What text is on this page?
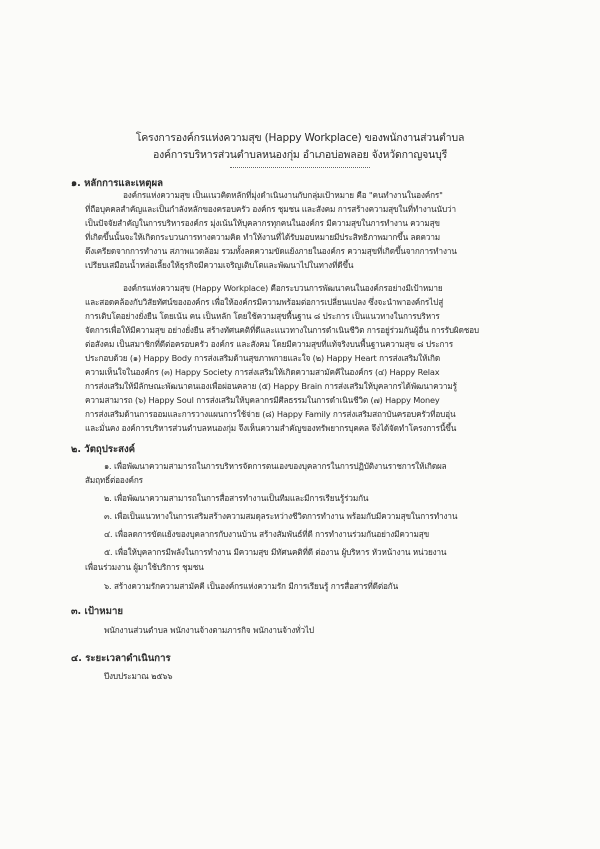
โครงการองค์กรแห่งความสุข (Happy Workplace) ของพนักงานส่วนตำบล
องค์การบริหารส่วนตำบลหนองกุ่ม อำเภอบ่อพลอย จังหวัดกาญจนบุรี
๑. หลักการและเหตุผล
องค์กรแห่งความสุข เป็นแนวคิดหลักที่มุ่งดำเนินงานกับกลุ่มเป้าหมาย คือ "คนทำงานในองค์กร"
ที่ถือบุคคลสำคัญและเป็นกำลังหลักของครอบครัว องค์กร ชุมชน และสังคม การสร้างความสุขในที่ทำงานนับว่า
เป็นปัจจัยสำคัญในการบริหารองค์กร มุ่งเน้นให้บุคลากรทุกคนในองค์กร มีความสุขในการทำงาน ความสุข
ที่เกิดขึ้นนั้นจะให้เกิดกระบวนการทางความคิด ทำให้งานที่ได้รับมอบหมายมีประสิทธิภาพมากขึ้น ลดความ
ตึงเครียดจากการทำงาน สภาพแวดล้อม รวมทั้งลดความขัดแย้งภายในองค์กร ความสุขที่เกิดขึ้นจากการทำงาน
เปรียบเสมือนน้ำหล่อเลี้ยงให้ธุรกิจมีความเจริญเติบโตและพัฒนาไปในทางที่ดีขึ้น
องค์กรแห่งความสุข (Happy Workplace) คือกระบวนการพัฒนาคนในองค์กรอย่างมีเป้าหมาย
และสอดคล้องกับวิสัยทัศน์ขององค์กร เพื่อให้องค์กรมีความพร้อมต่อการเปลี่ยนแปลง ซึ่งจะนำพาองค์กรไปสู่
การเติบโตอย่างยั่งยืน โดยเน้น คน เป็นหลัก โดยใช้ความสุขพื้นฐาน ๘ ประการ เป็นแนวทางในการบริหาร
จัดการเพื่อให้มีความสุข อย่างยั่งยืน สร้างทัศนคติที่ดีและแนวทางในการดำเนินชีวิต การอยู่ร่วมกันผู้อื่น การรับผิดชอบ
ต่อสังคม เป็นสมาชิกที่ดีต่อครอบครัว องค์กร และสังคม โดยมีความสุขที่แท้จริงบนพื้นฐานความสุข ๘ ประการ
ประกอบด้วย (๑) Happy Body การส่งเสริมด้านสุขภาพกายและใจ (๒) Happy Heart การส่งเสริมให้เกิด
ความเห็นใจในองค์กร (๓) Happy Society การส่งเสริมให้เกิดความสามัคคีในองค์กร (๔) Happy Relax
การส่งเสริมให้มีลักษณะพัฒนาตนเองเพื่อผ่อนคลาย (๕) Happy Brain การส่งเสริมให้บุคลากรได้พัฒนาความรู้
ความสามารถ (๖) Happy Soul การส่งเสริมให้บุคลากรมีศีลธรรมในการดำเนินชีวิต (๗) Happy Money
การส่งเสริมด้านการออมและการวางแผนการใช้จ่าย (๘) Happy Family การส่งเสริมสถาบันครอบครัวที่อบอุ่น
และมั่นคง องค์การบริหารส่วนตำบลหนองกุ่ม จึงเห็นความสำคัญของทรัพยากรบุคคล จึงได้จัดทำโครงการนี้ขึ้น
๒. วัตถุประสงค์
๑. เพื่อพัฒนาความสามารถในการบริหารจัดการตนเองของบุคลากรในการปฏิบัติงานราชการให้เกิดผล
สัมฤทธิ์ต่อองค์กร
๒. เพื่อพัฒนาความสามารถในการสื่อสารทำงานเป็นทีมและมีการเรียนรู้ร่วมกัน
๓. เพื่อเป็นแนวทางในการเสริมสร้างความสมดุลระหว่างชีวิตการทำงาน พร้อมกับมีความสุขในการทำงาน
๔. เพื่อลดการขัดแย้งของบุคลากรกับงานบ้าน สร้างสัมพันธ์ที่ดี การทำงานร่วมกันอย่างมีความสุข
๕. เพื่อให้บุคลากรมีพลังในการทำงาน มีความสุข มีทัศนคติที่ดี ต่องาน ผู้บริหาร หัวหน้างาน หน่วยงาน
เพื่อนร่วมงาน ผู้มาใช้บริการ ชุมชน
๖. สร้างความรักความสามัคคี เป็นองค์กรแห่งความรัก มีการเรียนรู้ การสื่อสารที่ดีต่อกัน
๓. เป้าหมาย
พนักงานส่วนตำบล พนักงานจ้างตามภารกิจ พนักงานจ้างทั่วไป
๔. ระยะเวลาดำเนินการ
ปีงบประมาณ ๒๕๖๖
